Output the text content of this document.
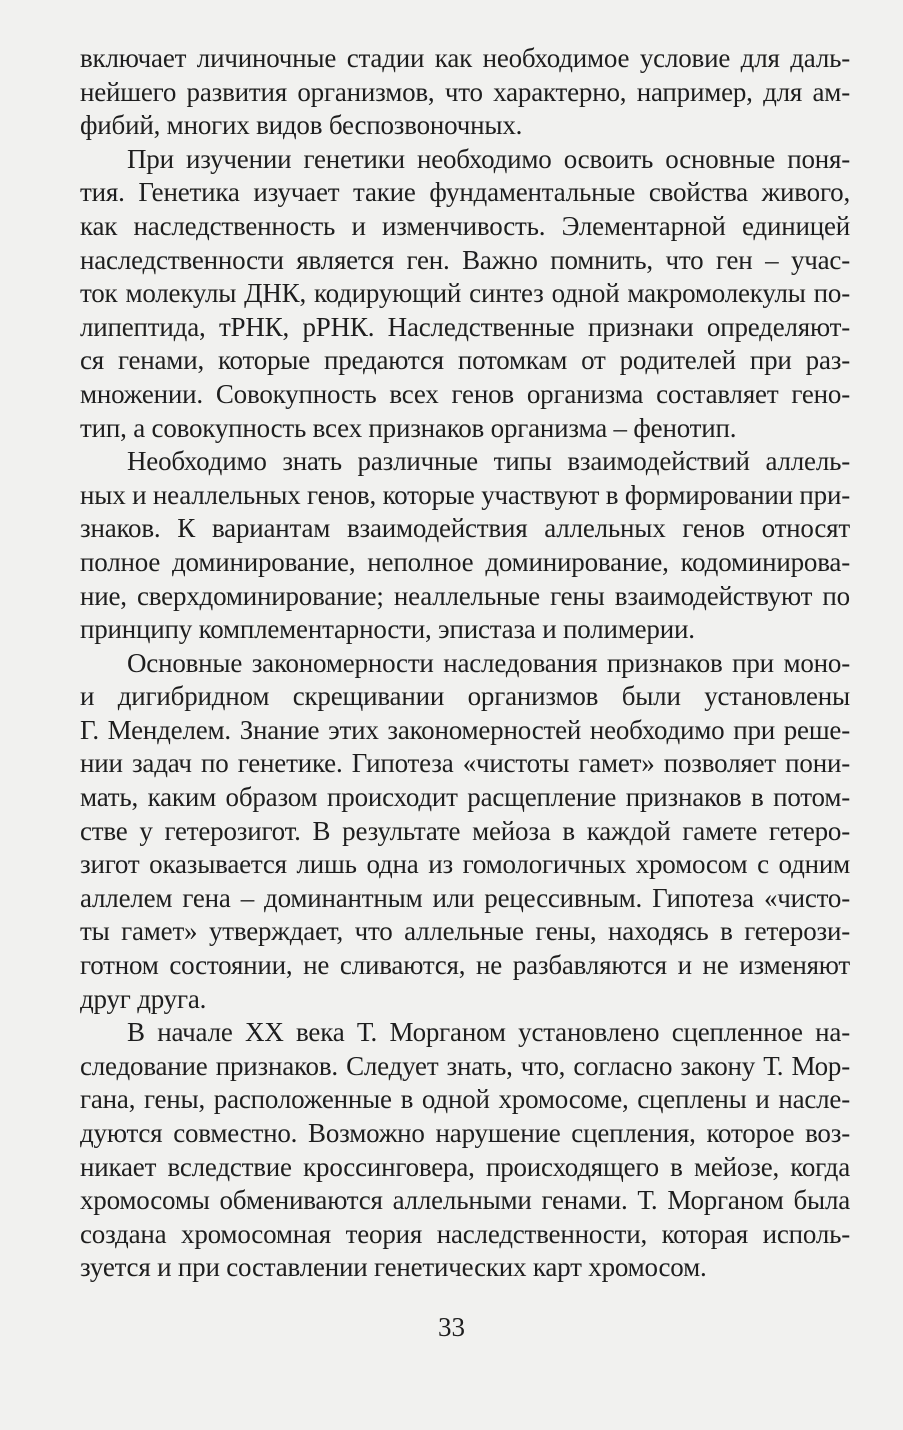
включает личиночные стадии как необходимое условие для даль-
нейшего развития организмов, что характерно, например, для ам-
фибий, многих видов беспозвоночных.
При изучении генетики необходимо освоить основные поня-
тия. Генетика изучает такие фундаментальные свойства живого,
как наследственность и изменчивость. Элементарной единицей
наследственности является ген. Важно помнить, что ген – учас-
ток молекулы ДНК, кодирующий синтез одной макромолекулы по-
липептида, тРНК, рРНК. Наследственные признаки определяют-
ся генами, которые предаются потомкам от родителей при раз-
множении. Совокупность всех генов организма составляет гено-
тип, а совокупность всех признаков организма – фенотип.
Необходимо знать различные типы взаимодействий аллель-
ных и неаллельных генов, которые участвуют в формировании при-
знаков. К вариантам взаимодействия аллельных генов относят
полное доминирование, неполное доминирование, кодоминирова-
ние, сверхдоминирование; неаллельные гены взаимодействуют по
принципу комплементарности, эпистаза и полимерии.
Основные закономерности наследования признаков при моно-
и дигибридном скрещивании организмов были установлены
Г. Менделем. Знание этих закономерностей необходимо при реше-
нии задач по генетике. Гипотеза «чистоты гамет» позволяет пони-
мать, каким образом происходит расщепление признаков в потом-
стве у гетерозигот. В результате мейоза в каждой гамете гетеро-
зигот оказывается лишь одна из гомологичных хромосом с одним
аллелем гена – доминантным или рецессивным. Гипотеза «чисто-
ты гамет» утверждает, что аллельные гены, находясь в гетерози-
готном состоянии, не сливаются, не разбавляются и не изменяют
друг друга.
В начале XX века Т. Морганом установлено сцепленное на-
следование признаков. Следует знать, что, согласно закону Т. Мор-
гана, гены, расположенные в одной хромосоме, сцеплены и насле-
дуются совместно. Возможно нарушение сцепления, которое воз-
никает вследствие кроссинговера, происходящего в мейозе, когда
хромосомы обмениваются аллельными генами. Т. Морганом была
создана хромосомная теория наследственности, которая исполь-
зуется и при составлении генетических карт хромосом.
33
